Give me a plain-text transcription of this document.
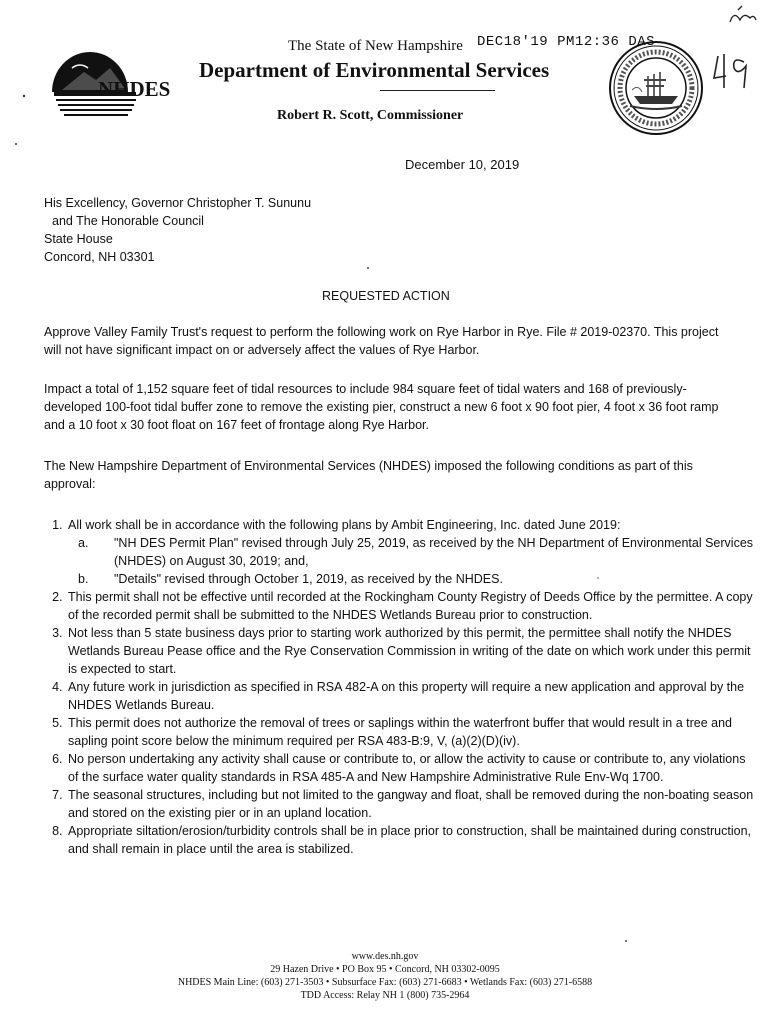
NHDES
The State of New Hampshire DEC18'19 PM12:36 DAS
Department of Environmental Services
Robert R. Scott, Commissioner
December 10, 2019
His Excellency, Governor Christopher T. Sununu
and The Honorable Council
State House
Concord, NH 03301
REQUESTED ACTION

Approve Valley Family Trust's request to perform the following work on Rye Harbor in Rye. File # 2019-02370. This project will not have significant impact on or adversely affect the values of Rye Harbor.

Impact a total of 1,152 square feet of tidal resources to include 984 square feet of tidal waters and 168 of previously-developed 100-foot tidal buffer zone to remove the existing pier, construct a new 6 foot x 90 foot pier, 4 foot x 36 foot ramp and a 10 foot x 30 foot float on 167 feet of frontage along Rye Harbor.

The New Hampshire Department of Environmental Services (NHDES) imposed the following conditions as part of this approval:

1. All work shall be in accordance with the following plans by Ambit Engineering, Inc. dated June 2019:
a. "NH DES Permit Plan" revised through July 25, 2019, as received by the NH Department of Environmental Services (NHDES) on August 30, 2019; and,
b. "Details" revised through October 1, 2019, as received by the NHDES.
2. This permit shall not be effective until recorded at the Rockingham County Registry of Deeds Office by the permittee. A copy of the recorded permit shall be submitted to the NHDES Wetlands Bureau prior to construction.
3. Not less than 5 state business days prior to starting work authorized by this permit, the permittee shall notify the NHDES Wetlands Bureau Pease office and the Rye Conservation Commission in writing of the date on which work under this permit is expected to start.
4. Any future work in jurisdiction as specified in RSA 482-A on this property will require a new application and approval by the NHDES Wetlands Bureau.
5. This permit does not authorize the removal of trees or saplings within the waterfront buffer that would result in a tree and sapling point score below the minimum required per RSA 483-B:9, V, (a)(2)(D)(iv).
6. No person undertaking any activity shall cause or contribute to, or allow the activity to cause or contribute to, any violations of the surface water quality standards in RSA 485-A and New Hampshire Administrative Rule Env-Wq 1700.
7. The seasonal structures, including but not limited to the gangway and float, shall be removed during the non-boating season and stored on the existing pier or in an upland location.
8. Appropriate siltation/erosion/turbidity controls shall be in place prior to construction, shall be maintained during construction, and shall remain in place until the area is stabilized.
www.des.nh.gov
29 Hazen Drive • PO Box 95 • Concord, NH 03302-0095
NHDES Main Line: (603) 271-3503 • Subsurface Fax: (603) 271-6683 • Wetlands Fax: (603) 271-6588
TDD Access: Relay NH 1 (800) 735-2964
